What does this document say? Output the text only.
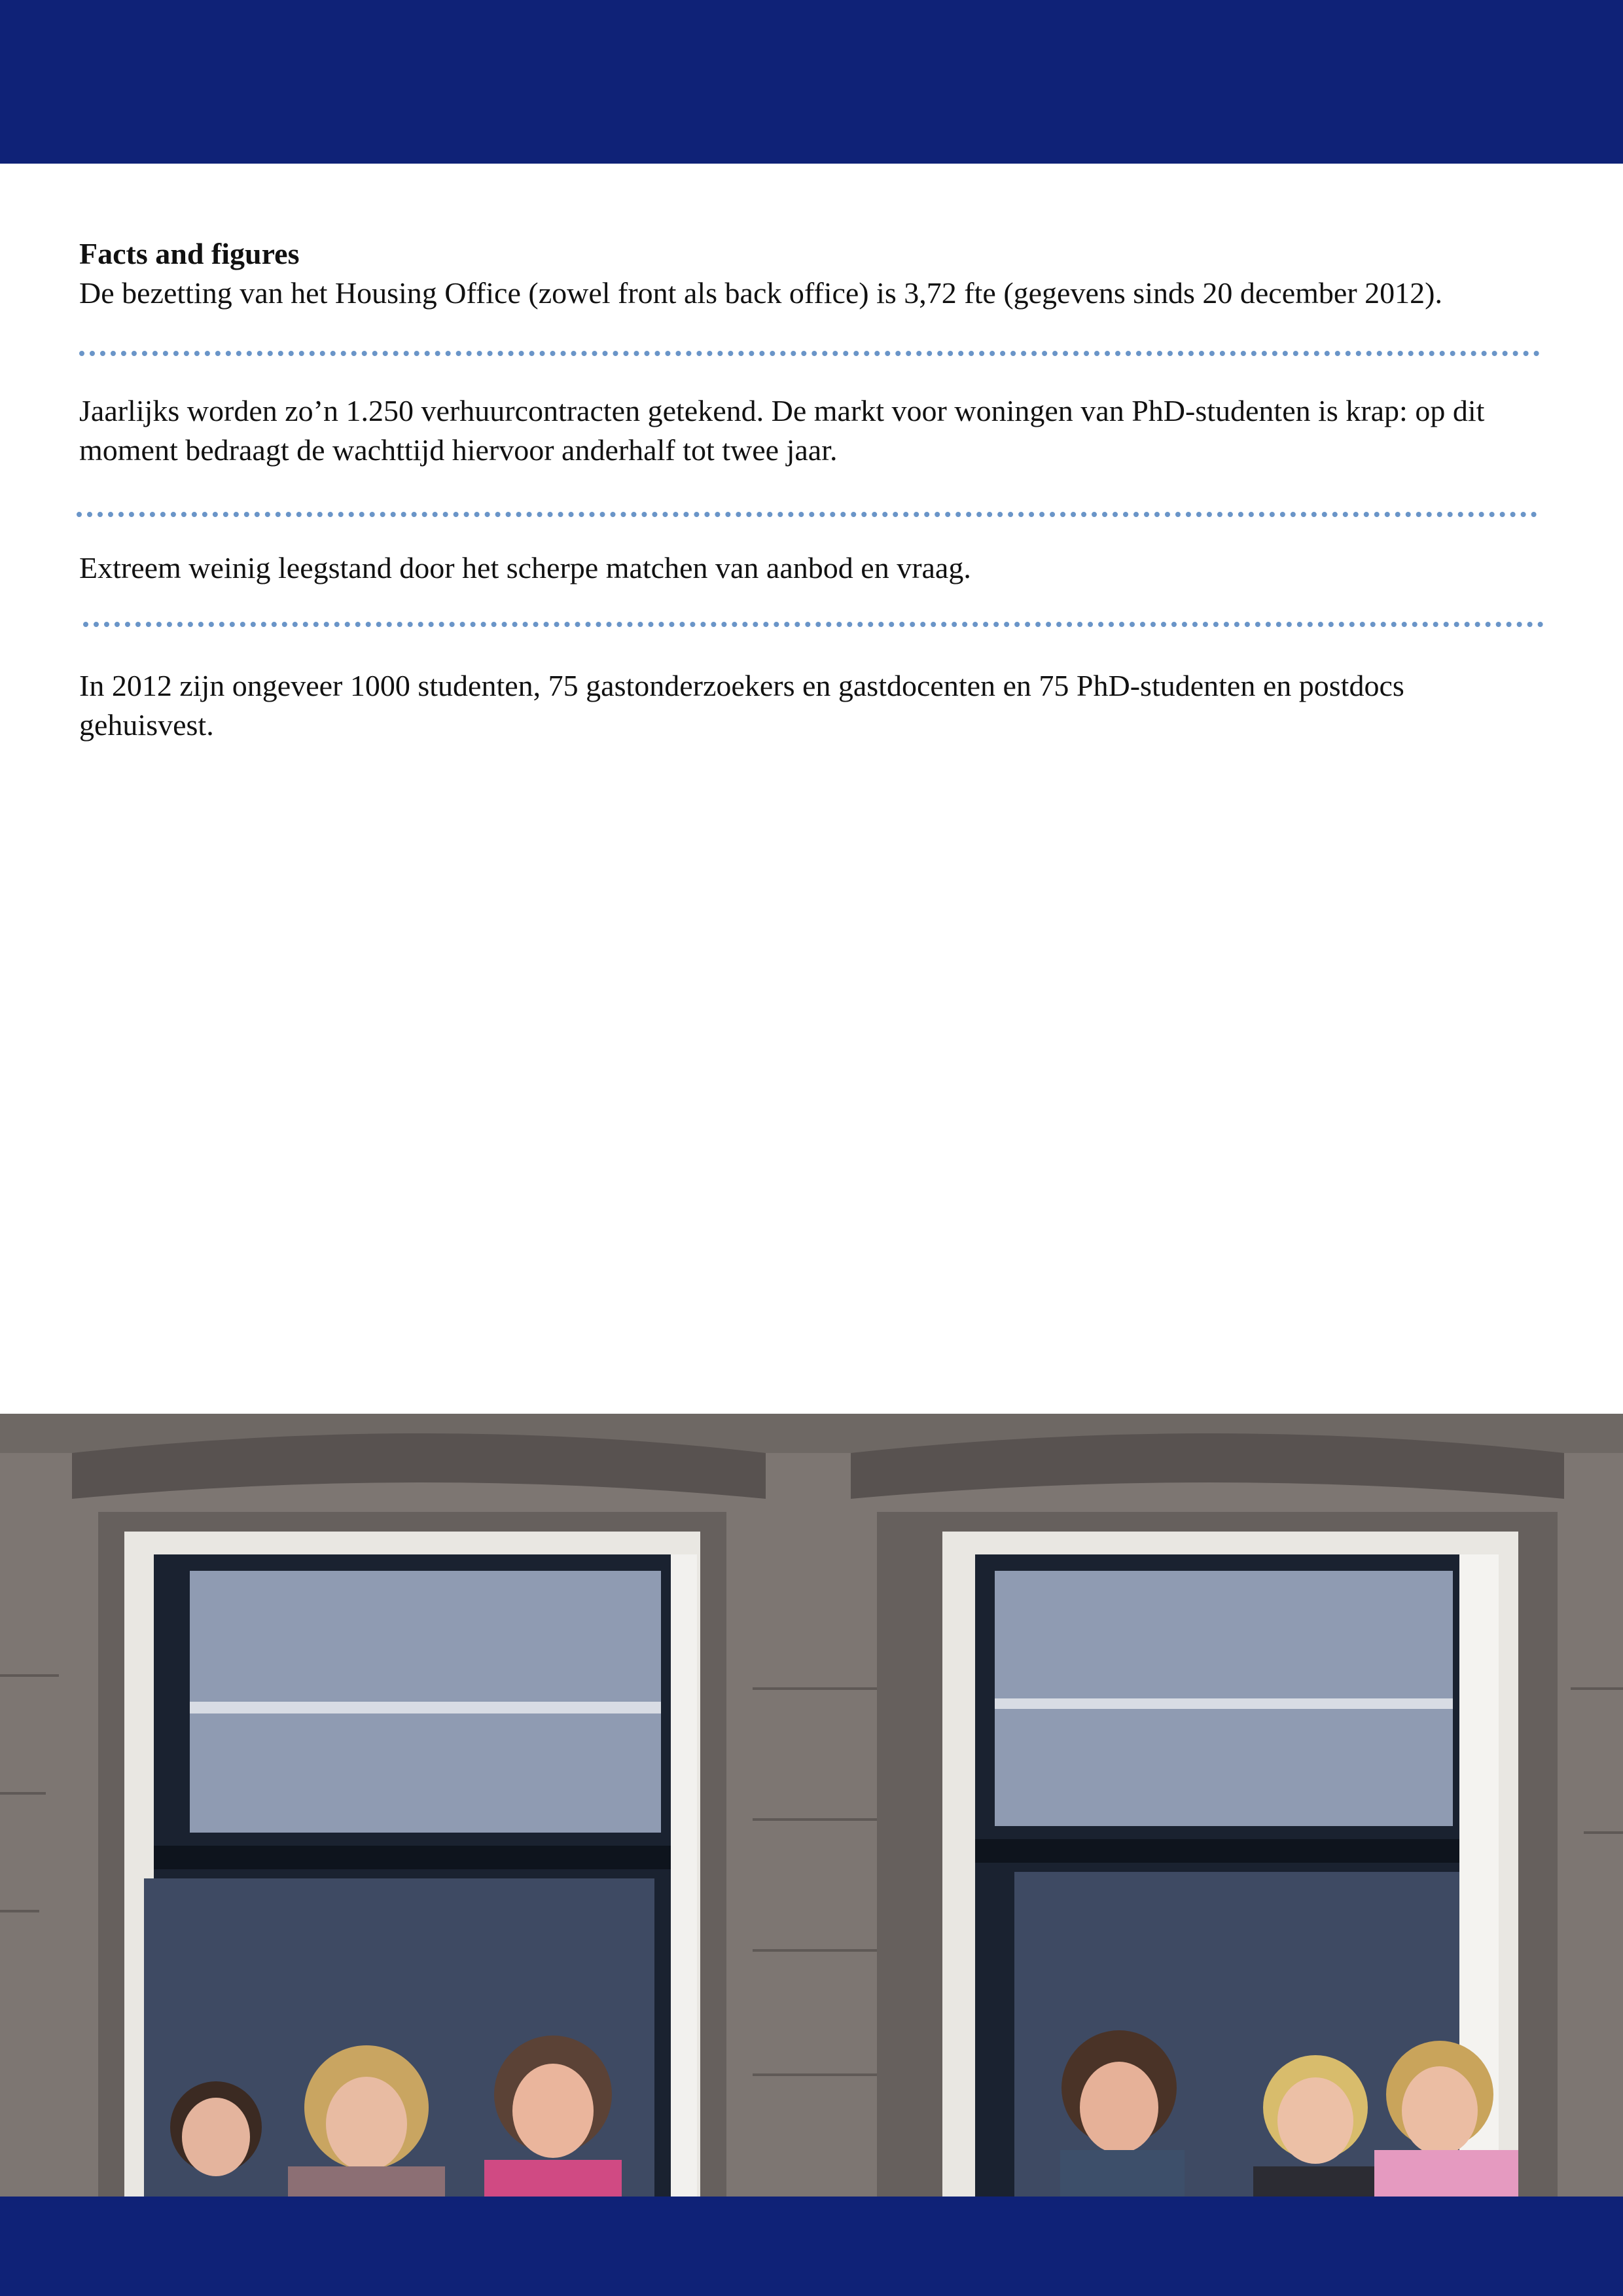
Facts and figures

De bezetting van het Housing Office (zowel front als back office) is 3,72 fte (gegevens sinds 20 december 2012).

Jaarlijks worden zo’n 1.250 verhuurcontracten getekend. De markt voor woningen van PhD-studenten is krap: op dit moment bedraagt de wachttijd hiervoor anderhalf tot twee jaar.

Extreem weinig leegstand door het scherpe matchen van aanbod en vraag.

In 2012 zijn ongeveer 1000 studenten, 75 gastonderzoekers en gastdocenten en 75 PhD-studenten en postdocs gehuisvest.
